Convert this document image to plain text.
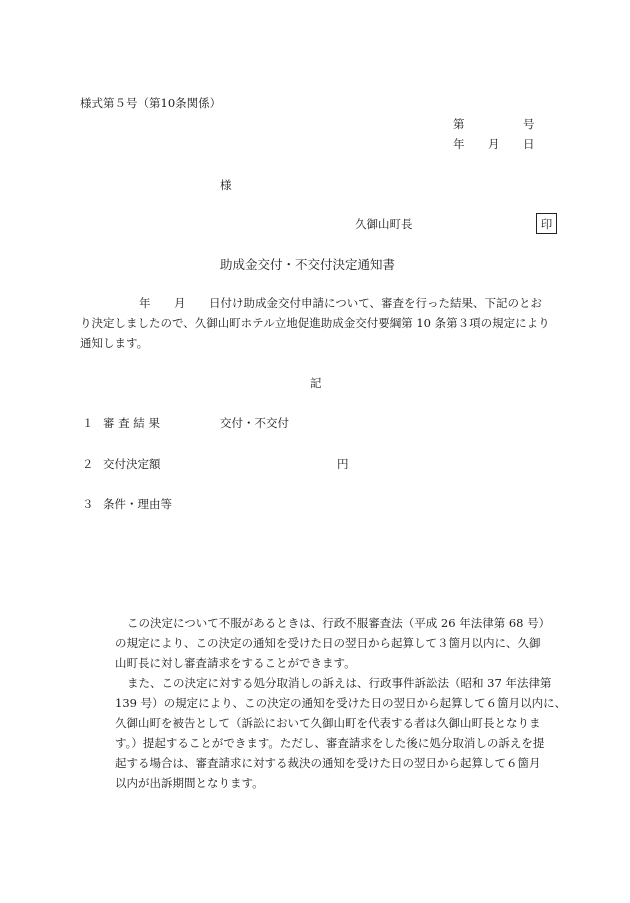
様式第５号（第10条関係）
第	号
年 月 日
様
久御山町長	印
助成金交付・不交付決定通知書
年 月 日付け助成金交付申請について、審査を行った結果、下記のとお
り決定しましたので、久御山町ホテル立地促進助成金交付要綱第 10 条第３項の規定により
通知します。
記
１ 審 査 結 果	交付・不交付
２ 交付決定額	円
３ 条件・理由等
この決定について不服があるときは、行政不服審査法（平成 26 年法律第 68 号）
の規定により、この決定の通知を受けた日の翌日から起算して３箇月以内に、久御
山町長に対し審査請求をすることができます。
また、この決定に対する処分取消しの訴えは、行政事件訴訟法（昭和 37 年法律第
139 号）の規定により、この決定の通知を受けた日の翌日から起算して６箇月以内に、
久御山町を被告として（訴訟において久御山町を代表する者は久御山町長となりま
す。）提起することができます。ただし、審査請求をした後に処分取消しの訴えを提
起する場合は、審査請求に対する裁決の通知を受けた日の翌日から起算して６箇月
以内が出訴期間となります。
